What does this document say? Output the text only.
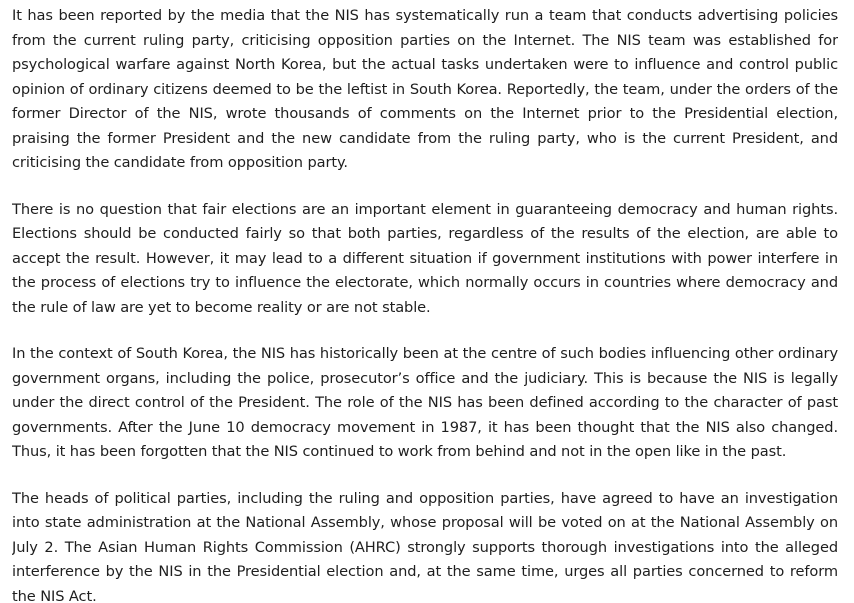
It has been reported by the media that the NIS has systematically run a team that conducts advertising policies from the current ruling party, criticising opposition parties on the Internet. The NIS team was established for psychological warfare against North Korea, but the actual tasks undertaken were to influence and control public opinion of ordinary citizens deemed to be the leftist in South Korea. Reportedly, the team, under the orders of the former Director of the NIS, wrote thousands of comments on the Internet prior to the Presidential election, praising the former President and the new candidate from the ruling party, who is the current President, and criticising the candidate from opposition party.

There is no question that fair elections are an important element in guaranteeing democracy and human rights. Elections should be conducted fairly so that both parties, regardless of the results of the election, are able to accept the result. However, it may lead to a different situation if government institutions with power interfere in the process of elections try to influence the electorate, which normally occurs in countries where democracy and the rule of law are yet to become reality or are not stable.

In the context of South Korea, the NIS has historically been at the centre of such bodies influencing other ordinary government organs, including the police, prosecutor’s office and the judiciary. This is because the NIS is legally under the direct control of the President. The role of the NIS has been defined according to the character of past governments. After the June 10 democracy movement in 1987, it has been thought that the NIS also changed. Thus, it has been forgotten that the NIS continued to work from behind and not in the open like in the past.

The heads of political parties, including the ruling and opposition parties, have agreed to have an investigation into state administration at the National Assembly, whose proposal will be voted on at the National Assembly on July 2. The Asian Human Rights Commission (AHRC) strongly supports thorough investigations into the alleged interference by the NIS in the Presidential election and, at the same time, urges all parties concerned to reform the NIS Act.
